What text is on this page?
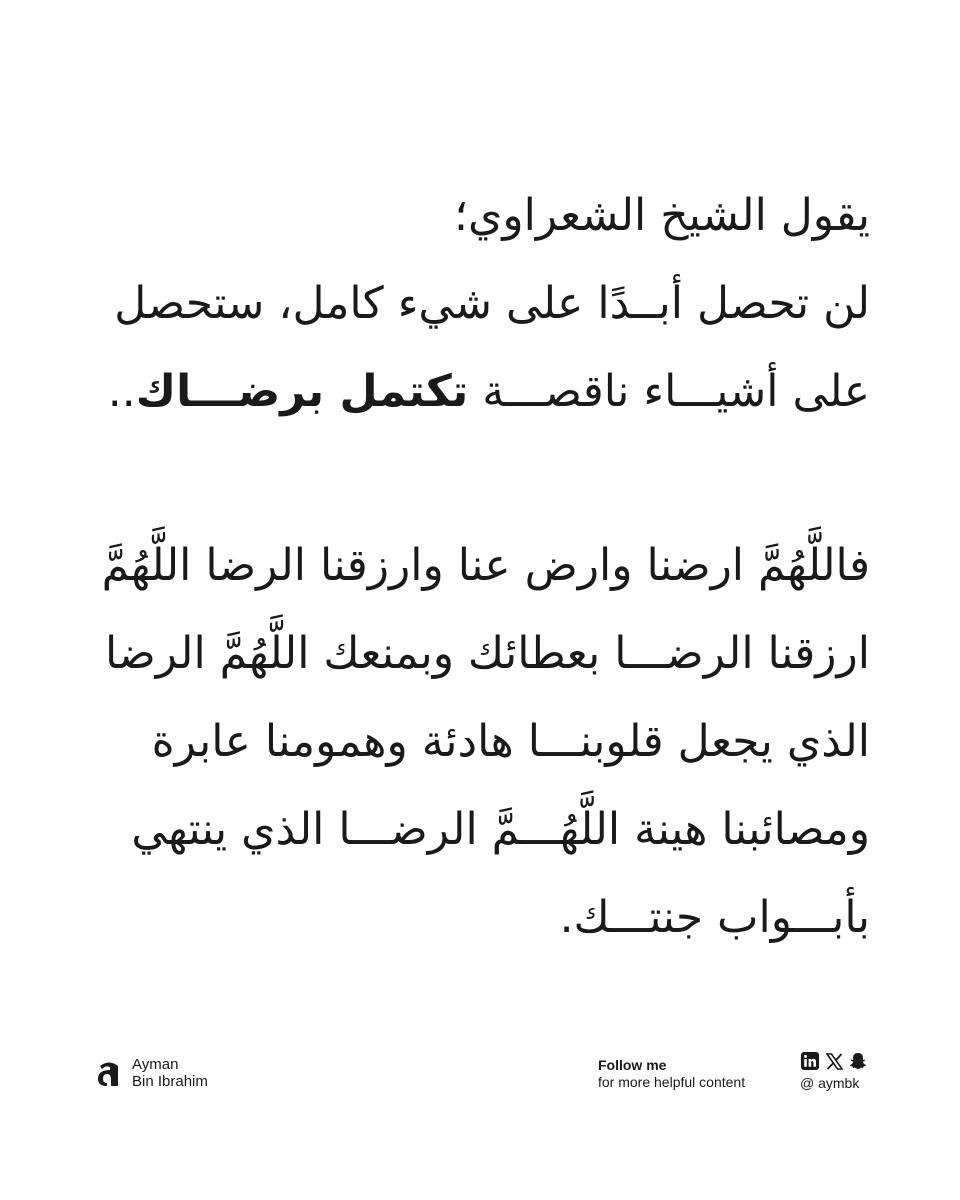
يقول الشيخ الشعراوي؛
لن تحصل أبــدًا على شيء كامل، ستحصل
على أشيـــاء ناقصـــة تكتمل برضـــاك..
فاللَّهُمَّ ارضنا وارض عنا وارزقنا الرضا اللَّهُمَّ
ارزقنا الرضـــا بعطائك وبمنعك اللَّهُمَّ الرضا
الذي يجعل قلوبنـــا هادئة وهمومنا عابرة
ومصائبنا هينة اللَّهُـــمَّ الرضـــا الذي ينتهي
بأبـــواب جنتـــك.
Ayman
Bin Ibrahim
Follow me
for more helpful content	@ aymbk
